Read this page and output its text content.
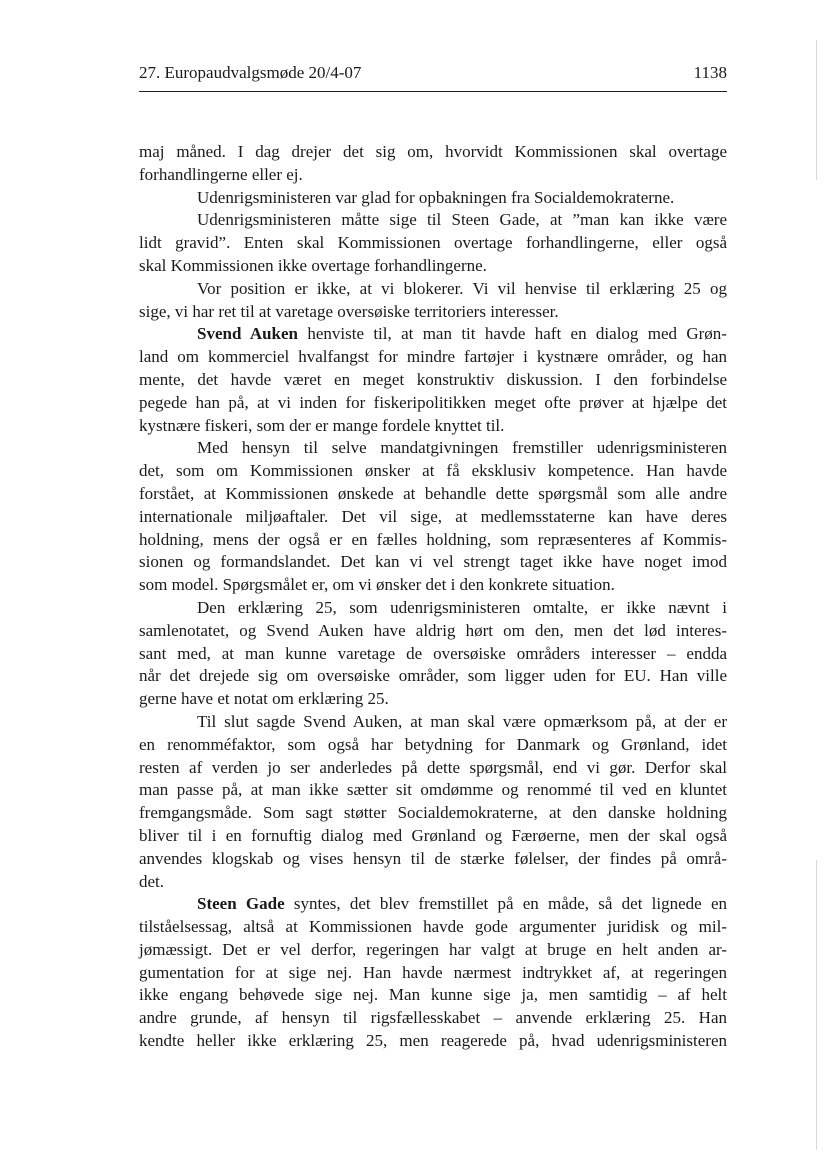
27. Europaudvalgsmøde 20/4-07	1138
maj måned. I dag drejer det sig om, hvorvidt Kommissionen skal overtage
forhandlingerne eller ej.
Udenrigsministeren var glad for opbakningen fra Socialdemokraterne.
Udenrigsministeren måtte sige til Steen Gade, at ”man kan ikke være
lidt gravid”. Enten skal Kommissionen overtage forhandlingerne, eller også
skal Kommissionen ikke overtage forhandlingerne.
Vor position er ikke, at vi blokerer. Vi vil henvise til erklæring 25 og
sige, vi har ret til at varetage oversøiske territoriers interesser.
Svend Auken henviste til, at man tit havde haft en dialog med Grøn-
land om kommerciel hvalfangst for mindre fartøjer i kystnære områder, og han
mente, det havde været en meget konstruktiv diskussion. I den forbindelse
pegede han på, at vi inden for fiskeripolitikken meget ofte prøver at hjælpe det
kystnære fiskeri, som der er mange fordele knyttet til.
Med hensyn til selve mandatgivningen fremstiller udenrigsministeren
det, som om Kommissionen ønsker at få eksklusiv kompetence. Han havde
forstået, at Kommissionen ønskede at behandle dette spørgsmål som alle andre
internationale miljøaftaler. Det vil sige, at medlemsstaterne kan have deres
holdning, mens der også er en fælles holdning, som repræsenteres af Kommis-
sionen og formandslandet. Det kan vi vel strengt taget ikke have noget imod
som model. Spørgsmålet er, om vi ønsker det i den konkrete situation.
Den erklæring 25, som udenrigsministeren omtalte, er ikke nævnt i
samlenotatet, og Svend Auken have aldrig hørt om den, men det lød interes-
sant med, at man kunne varetage de oversøiske områders interesser – endda
når det drejede sig om oversøiske områder, som ligger uden for EU. Han ville
gerne have et notat om erklæring 25.
Til slut sagde Svend Auken, at man skal være opmærksom på, at der er
en renomméfaktor, som også har betydning for Danmark og Grønland, idet
resten af verden jo ser anderledes på dette spørgsmål, end vi gør. Derfor skal
man passe på, at man ikke sætter sit omdømme og renommé til ved en kluntet
fremgangsmåde. Som sagt støtter Socialdemokraterne, at den danske holdning
bliver til i en fornuftig dialog med Grønland og Færøerne, men der skal også
anvendes klogskab og vises hensyn til de stærke følelser, der findes på områ-
det.
Steen Gade syntes, det blev fremstillet på en måde, så det lignede en
tilståelsessag, altså at Kommissionen havde gode argumenter juridisk og mil-
jømæssigt. Det er vel derfor, regeringen har valgt at bruge en helt anden ar-
gumentation for at sige nej. Han havde nærmest indtrykket af, at regeringen
ikke engang behøvede sige nej. Man kunne sige ja, men samtidig – af helt
andre grunde, af hensyn til rigsfællesskabet – anvende erklæring 25. Han
kendte heller ikke erklæring 25, men reagerede på, hvad udenrigsministeren
